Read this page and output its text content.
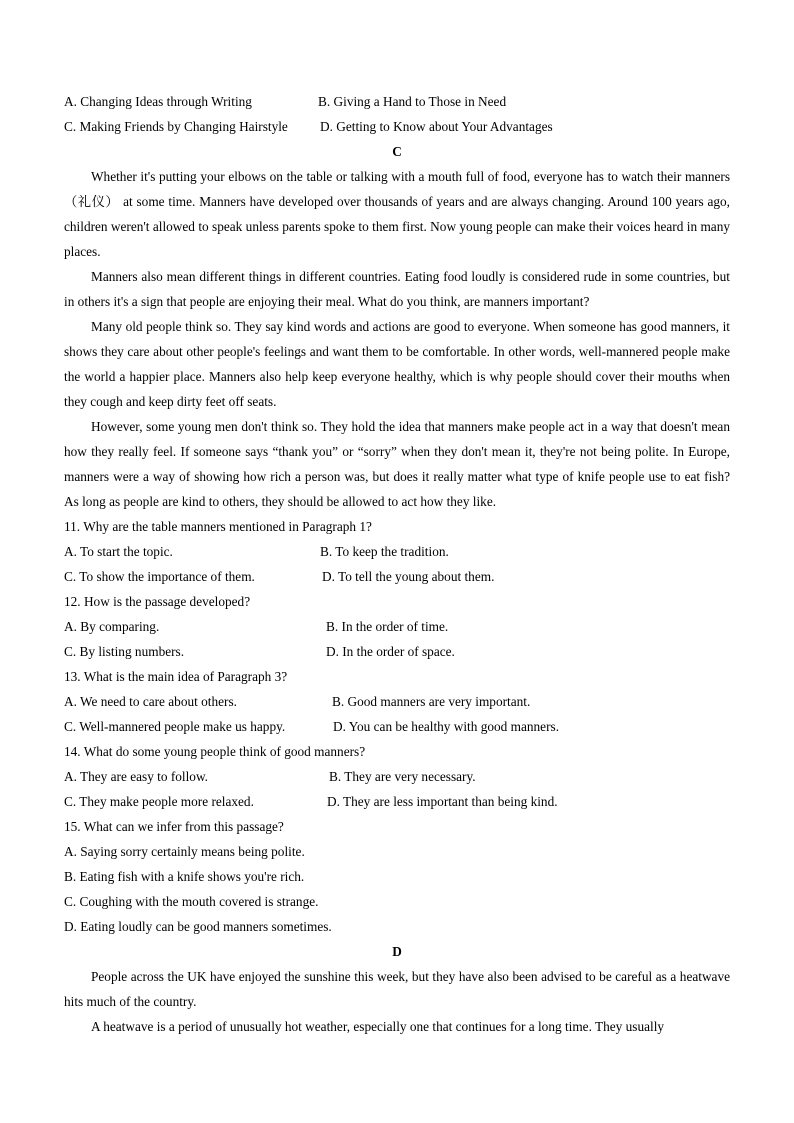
A. Changing Ideas through Writing	B. Giving a Hand to Those in Need
C. Making Friends by Changing Hairstyle	D. Getting to Know about Your Advantages
C

Whether it's putting your elbows on the table or talking with a mouth full of food, everyone has to watch their manners（礼仪） at some time. Manners have developed over thousands of years and are always changing. Around 100 years ago, children weren't allowed to speak unless parents spoke to them first. Now young people can make their voices heard in many places.

Manners also mean different things in different countries. Eating food loudly is considered rude in some countries, but in others it's a sign that people are enjoying their meal. What do you think, are manners important?

Many old people think so. They say kind words and actions are good to everyone. When someone has good manners, it shows they care about other people's feelings and want them to be comfortable. In other words, well-mannered people make the world a happier place. Manners also help keep everyone healthy, which is why people should cover their mouths when they cough and keep dirty feet off seats.

However, some young men don't think so. They hold the idea that manners make people act in a way that doesn't mean how they really feel. If someone says “thank you” or “sorry” when they don't mean it, they're not being polite. In Europe, manners were a way of showing how rich a person was, but does it really matter what type of knife people use to eat fish? As long as people are kind to others, they should be allowed to act how they like.

11. Why are the table manners mentioned in Paragraph 1?

A. To start the topic.	B. To keep the tradition.
C. To show the importance of them.	D. To tell the young about them.

12. How is the passage developed?

A. By comparing.	B. In the order of time.
C. By listing numbers.	D. In the order of space.

13. What is the main idea of Paragraph 3?

A. We need to care about others.	B. Good manners are very important.
C. Well-mannered people make us happy.	D. You can be healthy with good manners.

14. What do some young people think of good manners?

A. They are easy to follow.	B. They are very necessary.
C. They make people more relaxed.	D. They are less important than being kind.

15. What can we infer from this passage?

A. Saying sorry certainly means being polite.
B. Eating fish with a knife shows you're rich.
C. Coughing with the mouth covered is strange.
D. Eating loudly can be good manners sometimes.
D

People across the UK have enjoyed the sunshine this week, but they have also been advised to be careful as a heatwave hits much of the country.

A heatwave is a period of unusually hot weather, especially one that continues for a long time. They usually
